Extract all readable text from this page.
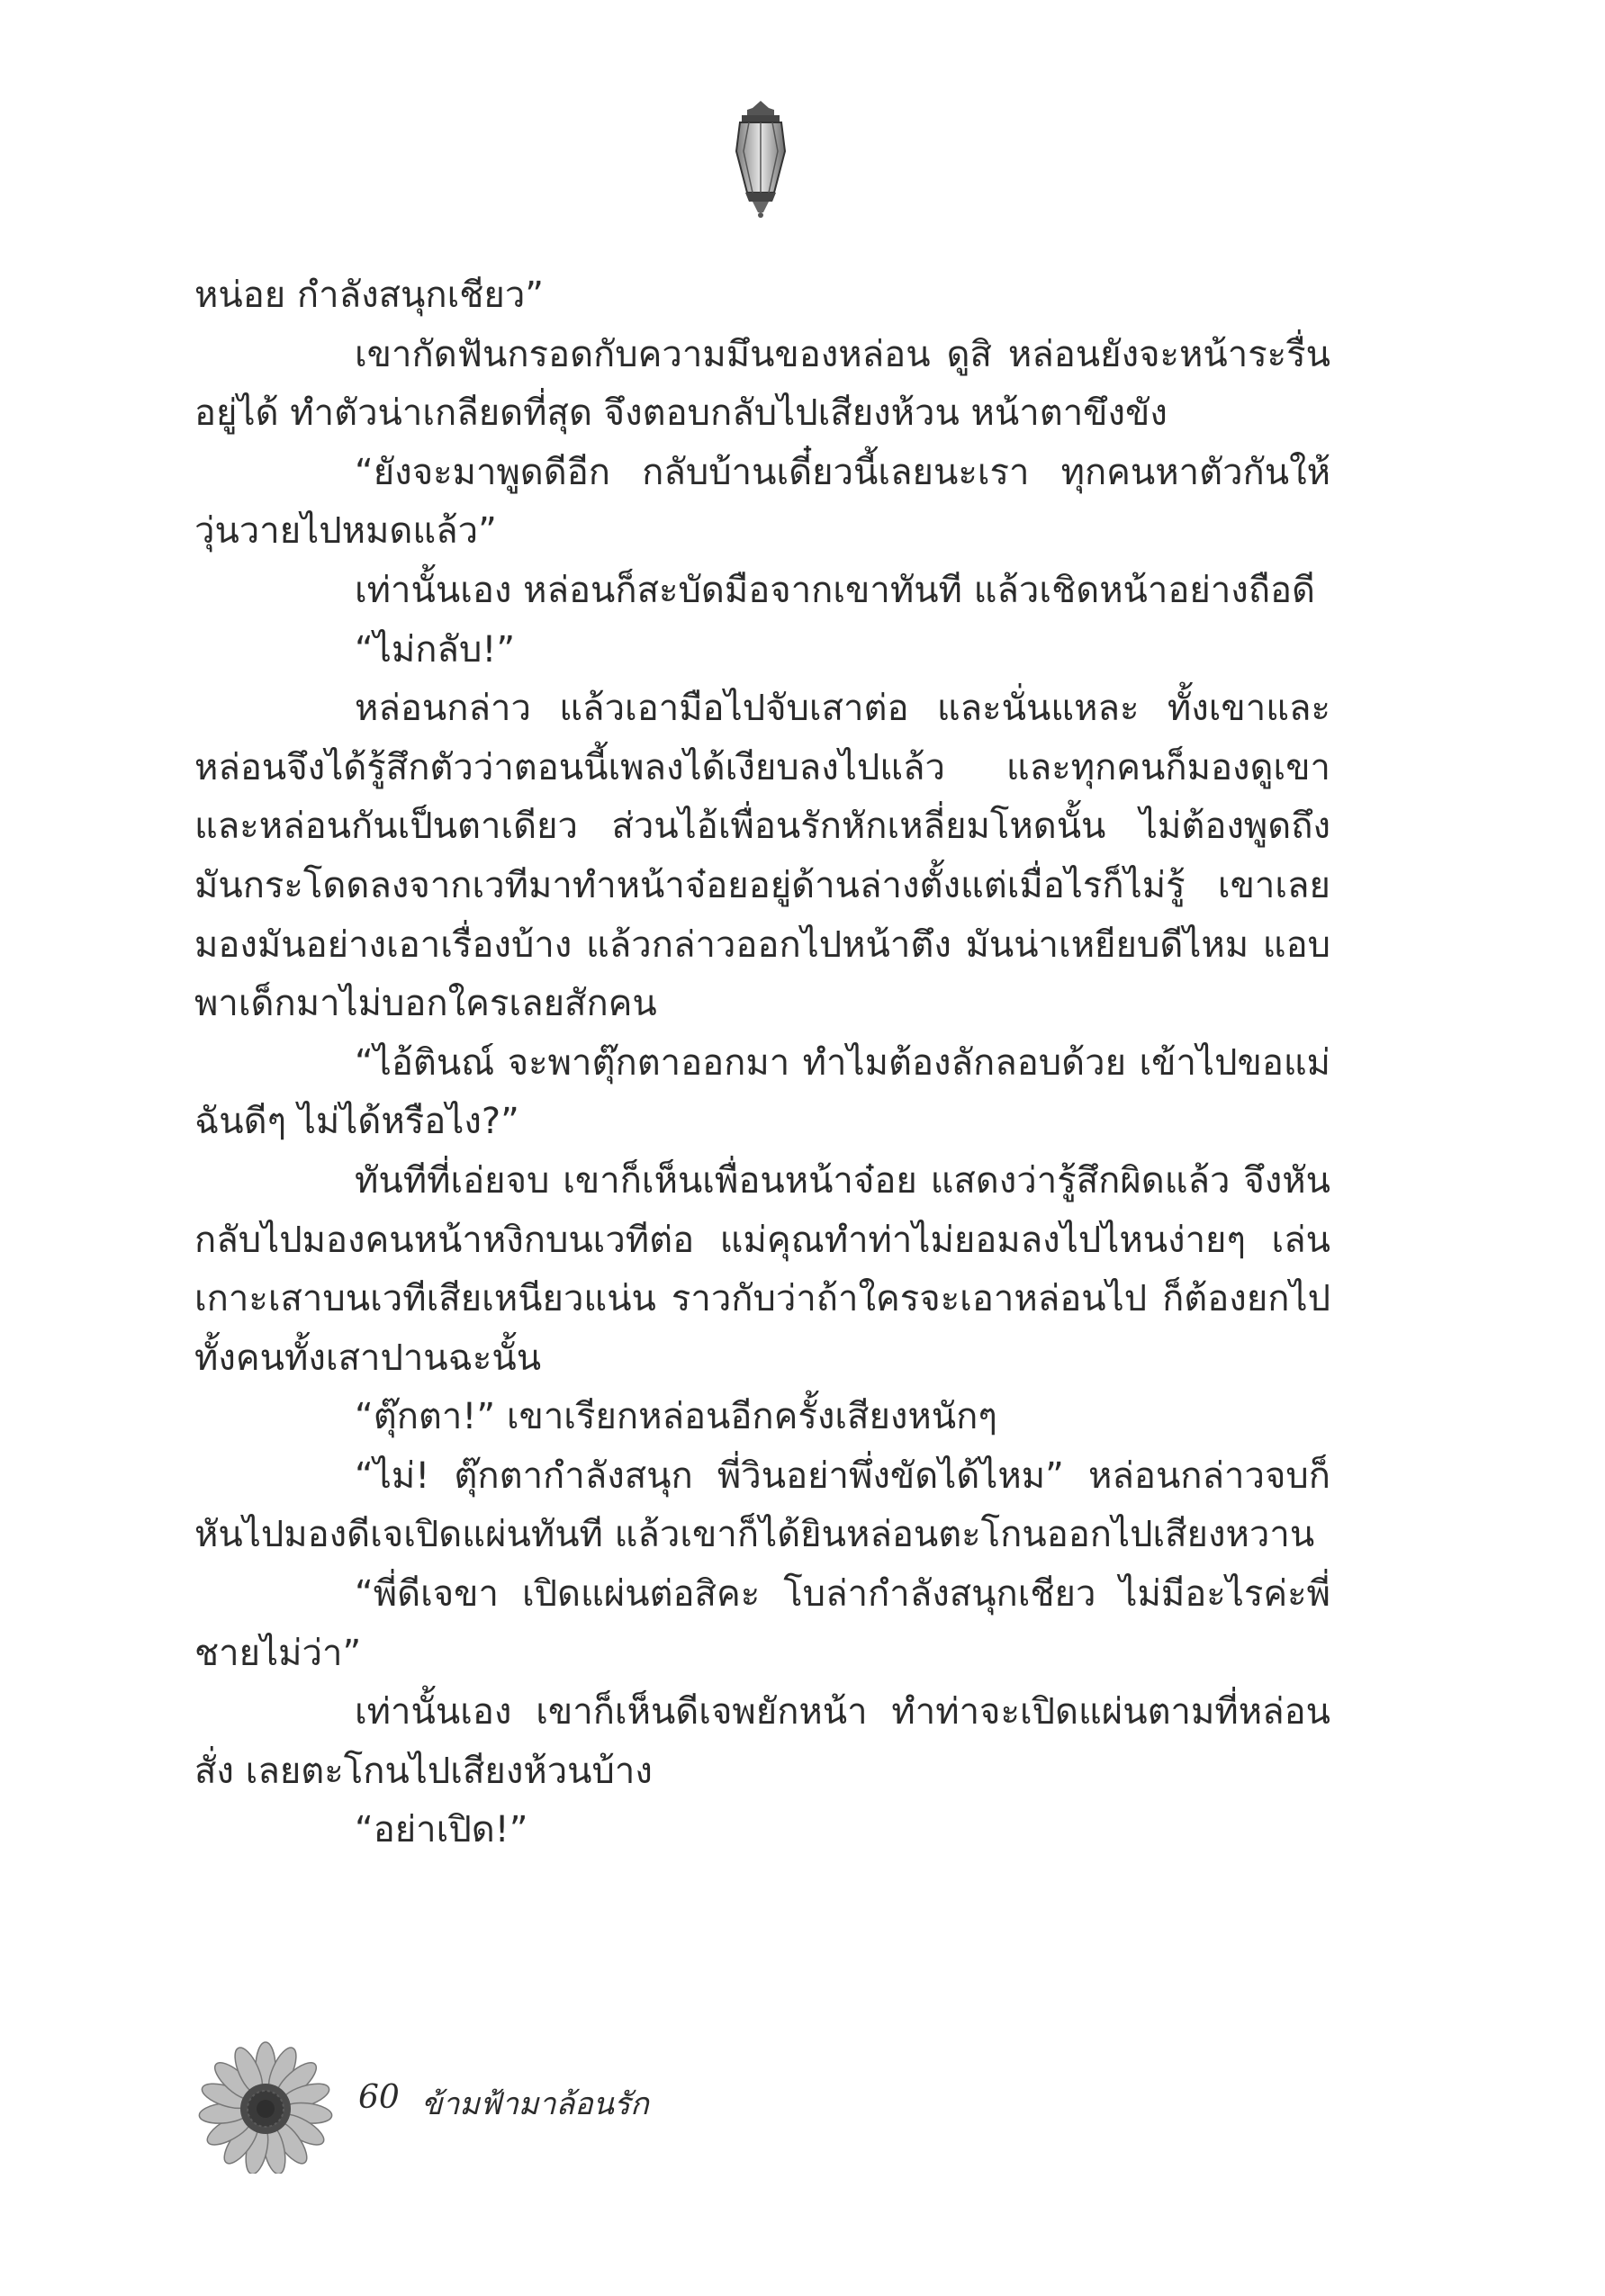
หน่อย กำลังสนุกเชียว”

เขากัดฟันกรอดกับความมึนของหล่อน ดูสิ หล่อนยังจะหน้าระรื่นอยู่ได้ ทำตัวน่าเกลียดที่สุด จึงตอบกลับไปเสียงห้วน หน้าตาขึงขัง

“ยังจะมาพูดดีอีก กลับบ้านเดี๋ยวนี้เลยนะเรา ทุกคนหาตัวกันให้วุ่นวายไปหมดแล้ว”

เท่านั้นเอง หล่อนก็สะบัดมือจากเขาทันที แล้วเชิดหน้าอย่างถือดี

“ไม่กลับ!”

หล่อนกล่าว แล้วเอามือไปจับเสาต่อ และนั่นแหละ ทั้งเขาและหล่อนจึงได้รู้สึกตัวว่าตอนนี้เพลงได้เงียบลงไปแล้ว และทุกคนก็มองดูเขาและหล่อนกันเป็นตาเดียว ส่วนไอ้เพื่อนรักหักเหลี่ยมโหดนั้น ไม่ต้องพูดถึง มันกระโดดลงจากเวทีมาทำหน้าจ๋อยอยู่ด้านล่างตั้งแต่เมื่อไรก็ไม่รู้ เขาเลยมองมันอย่างเอาเรื่องบ้าง แล้วกล่าวออกไปหน้าตึง มันน่าเหยียบดีไหม แอบพาเด็กมาไม่บอกใครเลยสักคน

“ไอ้ตินณ์ จะพาตุ๊กตาออกมา ทำไมต้องลักลอบด้วย เข้าไปขอแม่ฉันดีๆ ไม่ได้หรือไง?”

ทันทีที่เอ่ยจบ เขาก็เห็นเพื่อนหน้าจ๋อย แสดงว่ารู้สึกผิดแล้ว จึงหันกลับไปมองคนหน้าหงิกบนเวทีต่อ แม่คุณทำท่าไม่ยอมลงไปไหนง่ายๆ เล่นเกาะเสาบนเวทีเสียเหนียวแน่น ราวกับว่าถ้าใครจะเอาหล่อนไป ก็ต้องยกไปทั้งคนทั้งเสาปานฉะนั้น

“ตุ๊กตา!” เขาเรียกหล่อนอีกครั้งเสียงหนักๆ

“ไม่! ตุ๊กตากำลังสนุก พี่วินอย่าพึ่งขัดได้ไหม” หล่อนกล่าวจบก็หันไปมองดีเจเปิดแผ่นทันที แล้วเขาก็ได้ยินหล่อนตะโกนออกไปเสียงหวาน

“พี่ดีเจขา เปิดแผ่นต่อสิคะ โบล่ากำลังสนุกเชียว ไม่มีอะไรค่ะพี่ชายไม่ว่า”

เท่านั้นเอง เขาก็เห็นดีเจพยักหน้า ทำท่าจะเปิดแผ่นตามที่หล่อนสั่ง เลยตะโกนไปเสียงห้วนบ้าง

“อย่าเปิด!”

60 ข้ามฟ้ามาล้อนรัก
